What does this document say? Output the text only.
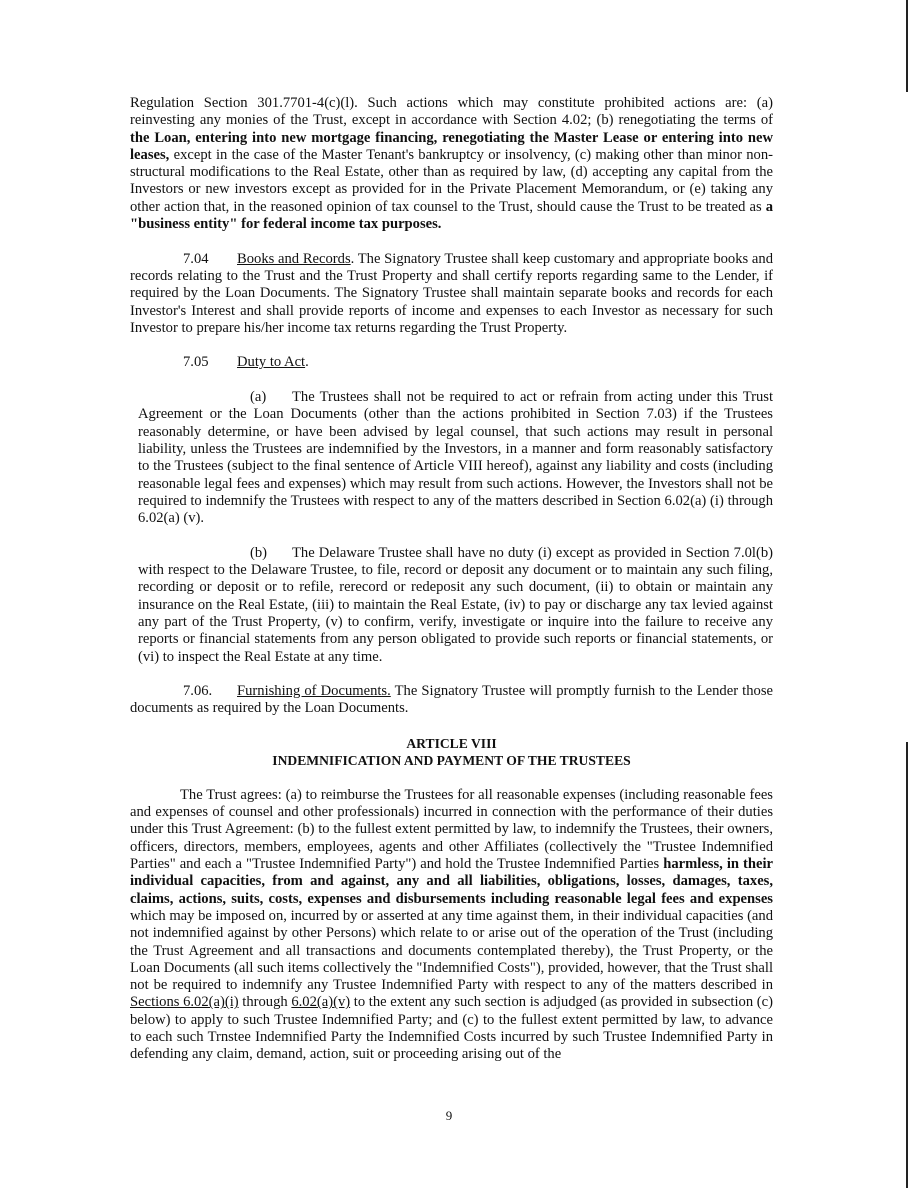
Regulation Section 301.7701-4(c)(l). Such actions which may constitute prohibited actions are: (a) reinvesting any monies of the Trust, except in accordance with Section 4.02; (b) renegotiating the terms of the Loan, entering into new mortgage financing, renegotiating the Master Lease or entering into new leases, except in the case of the Master Tenant's bankruptcy or insolvency, (c) making other than minor non-structural modifications to the Real Estate, other than as required by law, (d) accepting any capital from the Investors or new investors except as provided for in the Private Placement Memorandum, or (e) taking any other action that, in the reasoned opinion of tax counsel to the Trust, should cause the Trust to be treated as a "business entity" for federal income tax purposes.

7.04 Books and Records. The Signatory Trustee shall keep customary and appropriate books and records relating to the Trust and the Trust Property and shall certify reports regarding same to the Lender, if required by the Loan Documents. The Signatory Trustee shall maintain separate books and records for each Investor's Interest and shall provide reports of income and expenses to each Investor as necessary for such Investor to prepare his/her income tax returns regarding the Trust Property.

7.05 Duty to Act.

(a) The Trustees shall not be required to act or refrain from acting under this Trust Agreement or the Loan Documents (other than the actions prohibited in Section 7.03) if the Trustees reasonably determine, or have been advised by legal counsel, that such actions may result in personal liability, unless the Trustees are indemnified by the Investors, in a manner and form reasonably satisfactory to the Trustees (subject to the final sentence of Article VIII hereof), against any liability and costs (including reasonable legal fees and expenses) which may result from such actions. However, the Investors shall not be required to indemnify the Trustees with respect to any of the matters described in Section 6.02(a) (i) through 6.02(a) (v).

(b) The Delaware Trustee shall have no duty (i) except as provided in Section 7.0l(b) with respect to the Delaware Trustee, to file, record or deposit any document or to maintain any such filing, recording or deposit or to refile, rerecord or redeposit any such document, (ii) to obtain or maintain any insurance on the Real Estate, (iii) to maintain the Real Estate, (iv) to pay or discharge any tax levied against any part of the Trust Property, (v) to confirm, verify, investigate or inquire into the failure to receive any reports or financial statements from any person obligated to provide such reports or financial statements, or (vi) to inspect the Real Estate at any time.

7.06. Furnishing of Documents. The Signatory Trustee will promptly furnish to the Lender those documents as required by the Loan Documents.

ARTICLE VIII
INDEMNIFICATION AND PAYMENT OF THE TRUSTEES

The Trust agrees: (a) to reimburse the Trustees for all reasonable expenses (including reasonable fees and expenses of counsel and other professionals) incurred in connection with the performance of their duties under this Trust Agreement: (b) to the fullest extent permitted by law, to indemnify the Trustees, their owners, officers, directors, members, employees, agents and other Affiliates (collectively the "Trustee Indemnified Parties" and each a "Trustee Indemnified Party") and hold the Trustee Indemnified Parties harmless, in their individual capacities, from and against, any and all liabilities, obligations, losses, damages, taxes, claims, actions, suits, costs, expenses and disbursements including reasonable legal fees and expenses which may be imposed on, incurred by or asserted at any time against them, in their individual capacities (and not indemnified against by other Persons) which relate to or arise out of the operation of the Trust (including the Trust Agreement and all transactions and documents contemplated thereby), the Trust Property, or the Loan Documents (all such items collectively the "Indemnified Costs"), provided, however, that the Trust shall not be required to indemnify any Trustee Indemnified Party with respect to any of the matters described in Sections 6.02(a)(i) through 6.02(a)(v) to the extent any such section is adjudged (as provided in subsection (c) below) to apply to such Trustee Indemnified Party; and (c) to the fullest extent permitted by law, to advance to each such Trnstee Indemnified Party the Indemnified Costs incurred by such Trustee Indemnified Party in defending any claim, demand, action, suit or proceeding arising out of the

9
